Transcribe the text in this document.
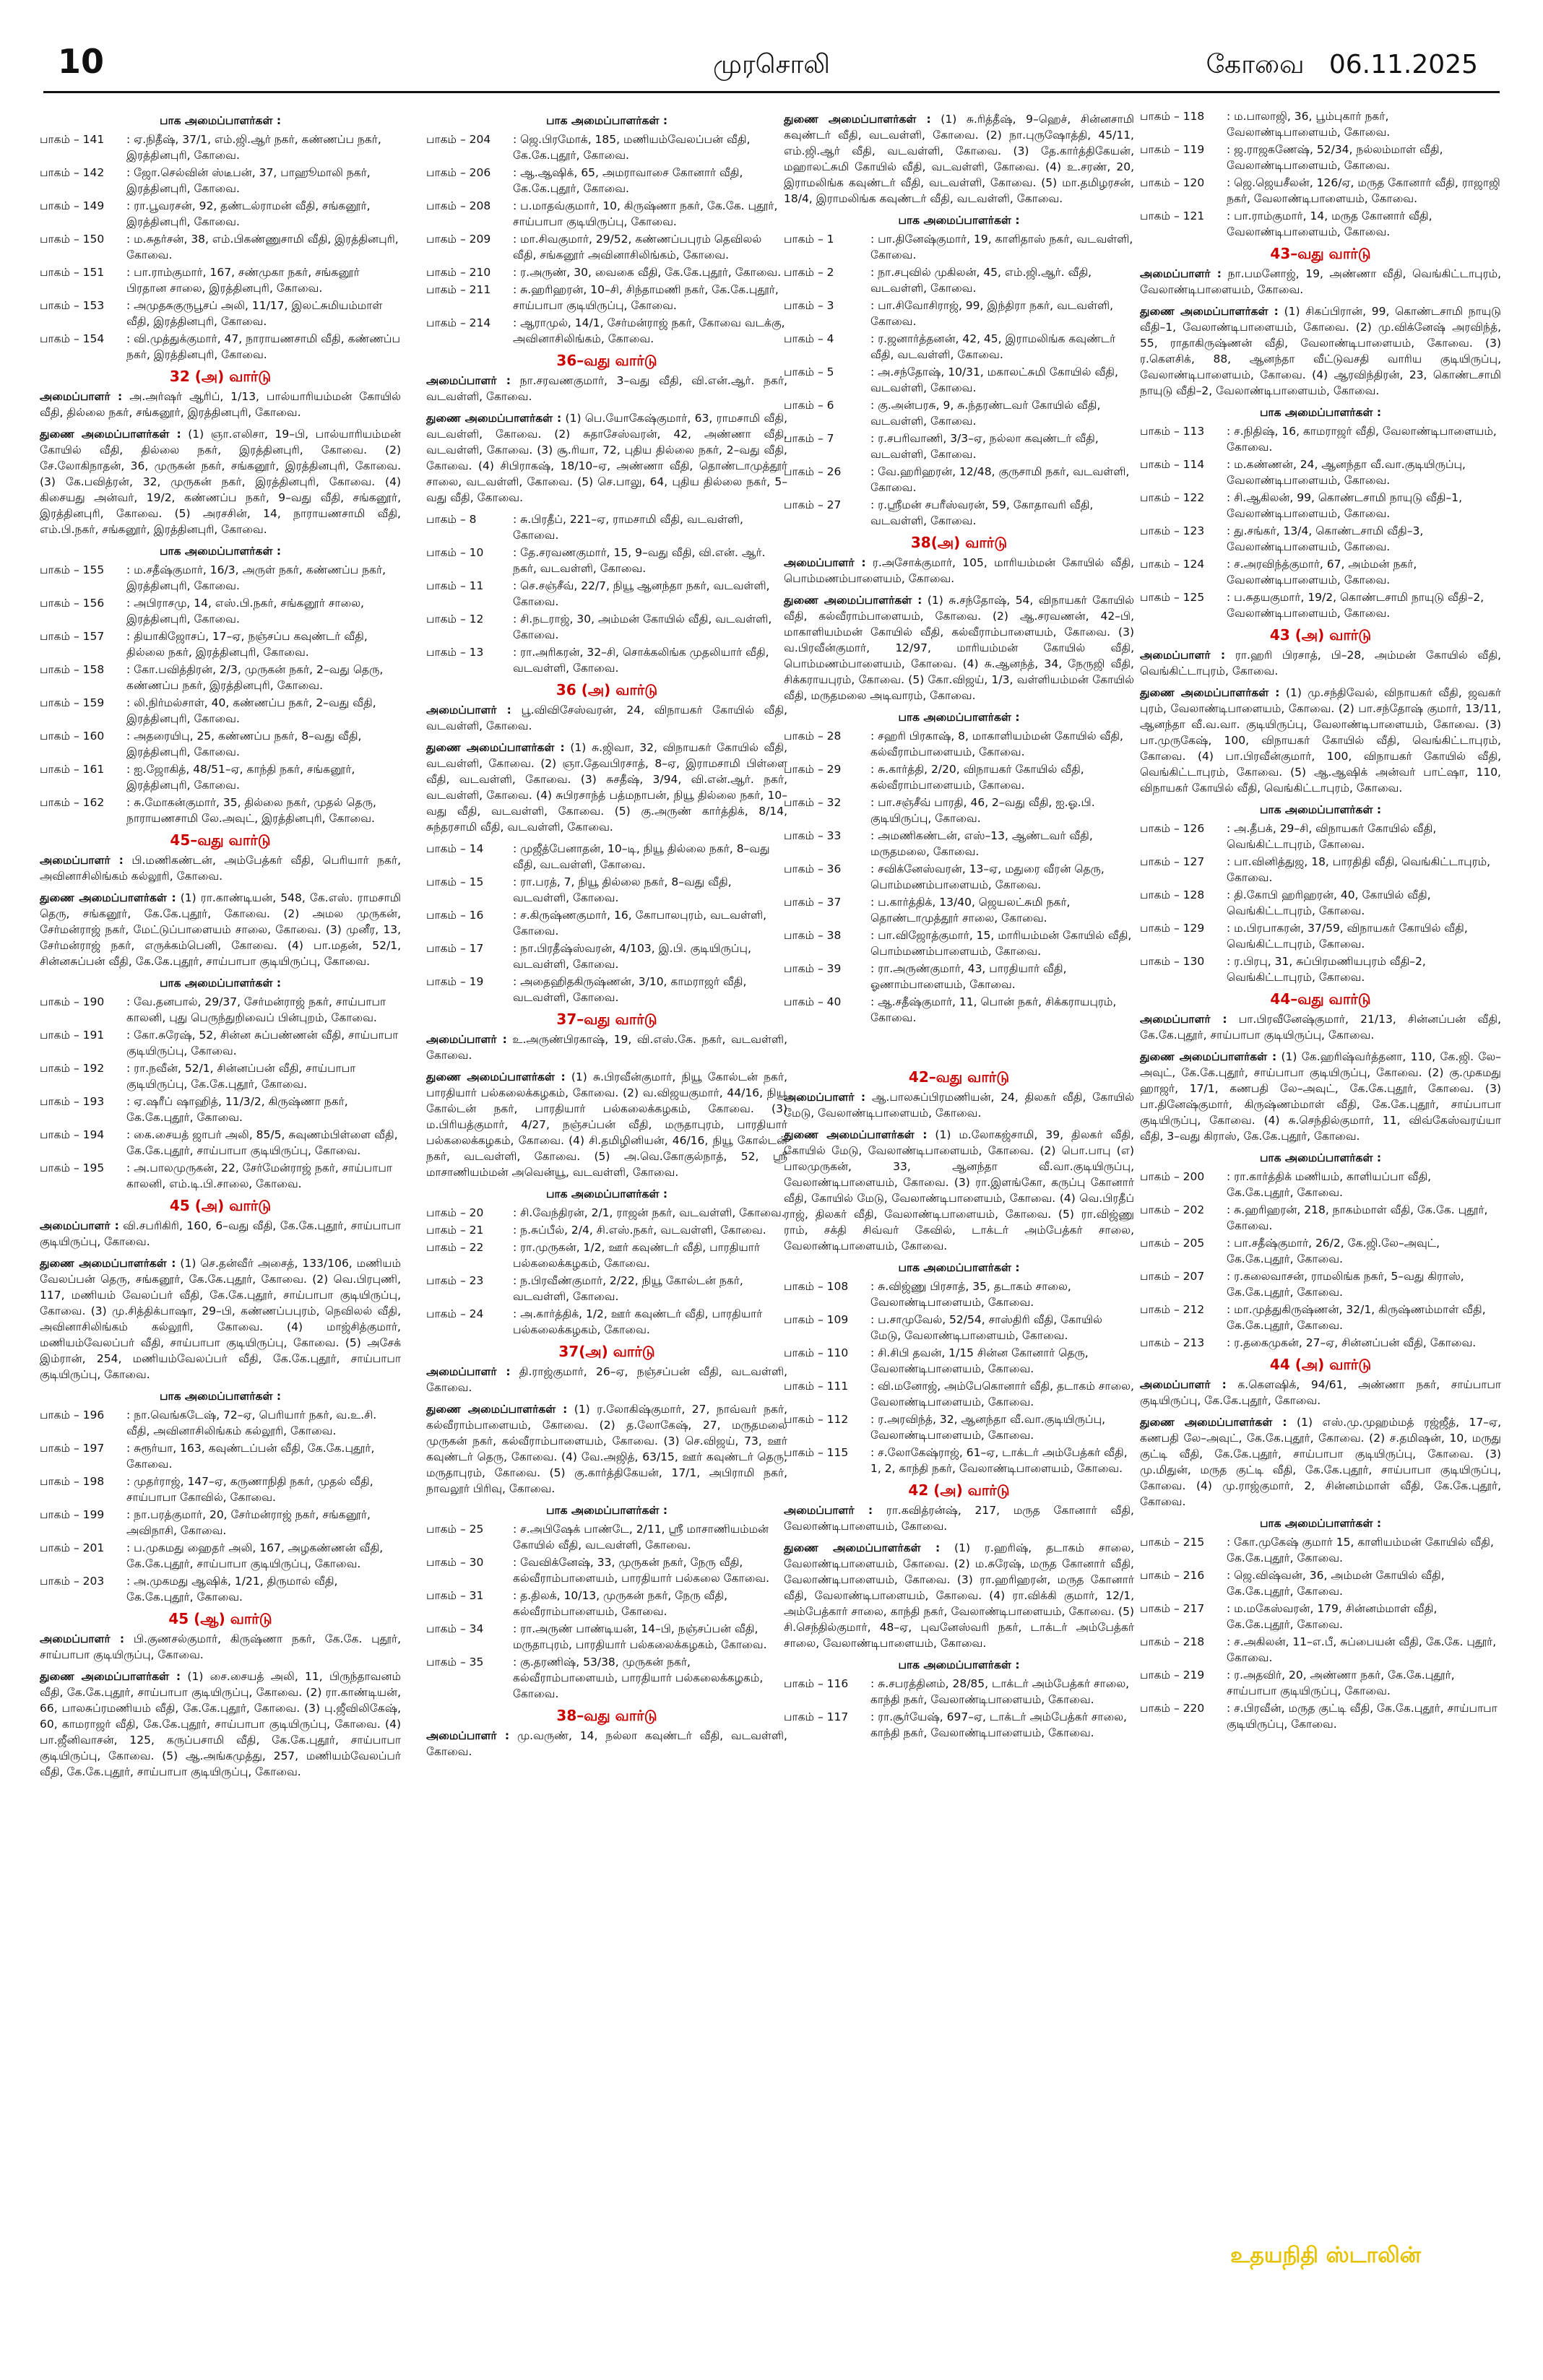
10	முரசொலி	கோவை 06.11.2025
பாக அமைப்பாளர்கள் :
பாகம் – 141	: ஏ.நிதீஷ், 37/1, எம்.ஜி.ஆர் நகர், கண்ணப்ப நகர், இரத்தினபுரி, கோவை.
பாகம் – 142	: ஜோ.செல்வின் ஸ்டீபன், 37, பாஹூமாலி நகர், இரத்தினபுரி, கோவை.
பாகம் – 149	: ரா.பூவரசன், 92, தண்டல்ராமன் வீதி, சங்கனூர், இரத்தினபுரி, கோவை.
பாகம் – 150	: ம.சுதர்சன், 38, எம்.பிகண்ணுசாமி வீதி, இரத்தினபுரி, கோவை.
பாகம் – 151	: பா.ராம்குமார், 167, சண்முகா நகர், சங்கனூர் பிரதான சாலை, இரத்தினபுரி, கோவை.
பாகம் – 153	: அமுதசுகுருபூசப் அலி, 11/17, இலட்சுமியம்மாள் வீதி, இரத்தினபுரி, கோவை.
பாகம் – 154	: வி.முத்துக்குமார், 47, நாராயணசாமி வீதி, கண்ணப்ப நகர், இரத்தினபுரி, கோவை.
32 (அ) வார்டு
அமைப்பாளர் : அ.அர்ஷர் ஆரிப், 1/13, பால்யாரியம்மன் கோயில் வீதி, தில்லை நகர், சங்கனூர், இரத்தினபுரி, கோவை.
துணை அமைப்பாளர்கள் : (1) ஞா.எலிசா, 19–பி, பால்யாரியம்மன் கோயில் வீதி, தில்லை நகர், இரத்தினபுரி, கோவை. (2) சே.லோகிநாதன், 36, முருகன் நகர், சங்கனூர், இரத்தினபுரி, கோவை. (3) கே.பவித்ரன், 32, முருகன் நகர், இரத்தினபுரி, கோவை. (4) கிசையது அன்வர், 19/2, கண்ணப்ப நகர், 9–வது வீதி, சங்கனூர், இரத்தினபுரி, கோவை. (5) அரசசின், 14, நாராயணசாமி வீதி, எம்.பி.நகர், சங்கனூர், இரத்தினபுரி, கோவை.
பாக அமைப்பாளர்கள் :
பாகம் – 155	: ம.சதீஷ்குமார், 16/3, அருள் நகர், கண்ணப்ப நகர், இரத்தினபுரி, கோவை.
பாகம் – 156	: அபிராசமு, 14, எஸ்.பி.நகர், சங்கனூர் சாலை, இரத்தினபுரி, கோவை.
பாகம் – 157	: தியாகிஜோசப், 17–ஏ, நஞ்சப்ப கவுண்டர் வீதி, தில்லை நகர், இரத்தினபுரி, கோவை.
பாகம் – 158	: கோ.பவித்திரன், 2/3, முருகன் நகர், 2–வது தெரு, கண்ணப்ப நகர், இரத்தினபுரி, கோவை.
பாகம் – 159	: லி.நிர்மல்சாள், 40, கண்ணப்ப நகர், 2–வது வீதி, இரத்தினபுரி, கோவை.
பாகம் – 160	: அதரையிபு, 25, கண்ணப்ப நகர், 8–வது வீதி, இரத்தினபுரி, கோவை.
பாகம் – 161	: ஐ.ஜோகித், 48/51–ஏ, காந்தி நகர், சங்கனூர், இரத்தினபுரி, கோவை.
பாகம் – 162	: சு.மோகன்குமார், 35, தில்லை நகர், முதல் தெரு, நாராயணசாமி லே.அவுட், இரத்தினபுரி, கோவை.
45–வது வார்டு
அமைப்பாளர் : பி.மணிகண்டன், அம்பேத்கர் வீதி, பெரியார் நகர், அவினாசிலிங்கம் கல்லூரி, கோவை.
துணை அமைப்பாளர்கள் : (1) ரா.காண்டியன், 548, கே.எஸ். ராமசாமி தெரு, சங்கனூர், கே.கே.புதூர், கோவை. (2) அமல முருகன், சேர்மன்ராஜ் நகர், மேட்டுப்பாளையம் சாலை, கோவை. (3) முனீர, 13, சேர்மன்ராஜ் நகர், எருக்கம்பெனி, கோவை. (4) பா.மதன், 52/1, சின்னசுப்பன் வீதி, கே.கே.புதூர், சாய்பாபா குடியிருப்பு, கோவை.
பாக அமைப்பாளர்கள் :
பாகம் – 190	: வே.தனபால், 29/37, சேர்மன்ராஜ் நகர், சாய்பாபா காலனி, புது பெருந்துறிவைப் பின்புறம், கோவை.
பாகம் – 191	: கோ.சுரேஷ், 52, சின்ன சுப்பண்ணன் வீதி, சாய்பாபா குடியிருப்பு, கோவை.
பாகம் – 192	: ரா.நவீன், 52/1, சின்னப்பன் வீதி, சாய்பாபா குடியிருப்பு, கே.கே.புதூர், கோவை.
பாகம் – 193	: ஏ.ஷரீப் ஷாஹித், 11/3/2, கிருஷ்ணா நகர், கே.கே.புதூர், கோவை.
பாகம் – 194	: கை.சையத் ஜாபர் அலி, 85/5, சுவுணம்பிள்ளை வீதி, கே.கே.புதூர், சாய்பாபா குடியிருப்பு, கோவை.
பாகம் – 195	: அ.பாலமுருகன், 22, சேர்மேன்ராஜ் நகர், சாய்பாபா காலனி, எம்.டி.பி.சாலை, கோவை.
45 (அ) வார்டு
அமைப்பாளர் : வி.சபரிகிரி, 160, 6–வது வீதி, கே.கே.புதூர், சாய்பாபா குடியிருப்பு, கோவை.
துணை அமைப்பாளர்கள் : (1) செ.தன்வீர் அசைத், 133/106, மணியம் வேலப்பன் தெரு, சங்கனூர், கே.கே.புதூர், கோவை. (2) வெ.பிரபுணி, 117, மணியம் வேலப்பர் வீதி, கே.கே.புதூர், சாய்பாபா குடியிருப்பு, கோவை. (3) மு.சித்திக்பாஷா, 29–பி, கண்ணப்பபுரம், நெவிலல் வீதி, அவினாசிலிங்கம் கல்லூரி, கோவை. (4) மாஜ்சித்குமார், மணியம்வேலப்பர் வீதி, சாய்பாபா குடியிருப்பு, கோவை. (5) அசேக் இம்ரான், 254, மணியம்வேலப்பர் வீதி, கே.கே.புதூர், சாய்பாபா குடியிருப்பு, கோவை.
பாக அமைப்பாளர்கள் :
பாகம் – 196	: நா.வெங்கடேஷ், 72–ஏ, பெரியார் நகர், வ.உ.சி. வீதி, அவினாசிலிங்கம் கல்லூரி, கோவை.
பாகம் – 197	: சுரூர்யா, 163, கவுண்டப்பன் வீதி, கே.கே.புதூர், கோவை.
பாகம் – 198	: முதர்ராஜ், 147–ஏ, கருணாநிதி நகர், முதல் வீதி, சாய்பாபா கோவில், கோவை.
பாகம் – 199	: நா.பரத்குமார், 20, சேர்மன்ராஜ் நகர், சங்கனூர், அவிநாசி, கோவை.
பாகம் – 201	: ப.முகமது ஹைதர் அலி, 167, அழகண்ணன் வீதி, கே.கே.புதூர், சாய்பாபா குடியிருப்பு, கோவை.
பாகம் – 203	: அ.முகமது ஆஷிக், 1/21, திருமால் வீதி, கே.கே.புதூர், கோவை.
45 (ஆ) வார்டு
அமைப்பாளர் : பி.குணசல்குமார், கிருஷ்ணா நகர், கே.கே. புதூர், சாய்பாபா குடியிருப்பு, கோவை.
துணை அமைப்பாளர்கள் : (1) சை.சையத் அலி, 11, பிருந்தாவனம் வீதி, கே.கே.புதூர், சாய்பாபா குடியிருப்பு, கோவை. (2) ரா.காண்டியன், 66, பாலசுப்ரமணியம் வீதி, கே.கே.புதூர், கோவை. (3) பு.ஜீவிலிகேஷ், 60, காமராஜர் வீதி, கே.கே.புதூர், சாய்பாபா குடியிருப்பு, கோவை. (4) பா.ஜீனிவாசன், 125, கருப்பசாமி வீதி, கே.கே.புதூர், சாய்பாபா குடியிருப்பு, கோவை. (5) ஆ.அங்கமுத்து, 257, மணியம்வேலப்பர் வீதி, கே.கே.புதூர், சாய்பாபா குடியிருப்பு, கோவை.
பாக அமைப்பாளர்கள் :
பாகம் – 204	: ஜெ.பிரமோக், 185, மணியம்வேலப்பன் வீதி, கே.கே.புதூர், கோவை.
பாகம் – 206	: ஆ.ஆஷிக், 65, அமராவாசை கோனார் வீதி, கே.கே.புதூர், கோவை.
பாகம் – 208	: ப.மாதவ்குமார், 10, கிருஷ்ணா நகர், கே.கே. புதூர், சாய்பாபா குடியிருப்பு, கோவை.
பாகம் – 209	: மா.சிவகுமார், 29/52, கண்ணப்பபுரம் தெவிலல் வீதி, சங்கனூர் அவினாசிலிங்கம், கோவை.
பாகம் – 210	: ர.அருண், 30, வைகை வீதி, கே.கே.புதூர், கோவை.
பாகம் – 211	: சு.ஹரிஹரன், 10–சி, சிந்தாமணி நகர், கே.கே.புதூர், சாய்பாபா குடியிருப்பு, கோவை.
பாகம் – 214	: ஆராமுல், 14/1, சேர்மன்ராஜ் நகர், கோவை வடக்கு, அவினாசிலிங்கம், கோவை.
36–வது வார்டு
அமைப்பாளர் : நா.சரவணகுமார், 3–வது வீதி, வி.என்.ஆர். நகர், வடவள்ளி, கோவை.
துணை அமைப்பாளர்கள் : (1) பெ.யோகேஷ்குமார், 63, ராமசாமி வீதி, வடவள்ளி, கோவை. (2) சுதாசேஸ்வரன், 42, அண்ணா வீதி, வடவள்ளி, கோவை. (3) சூ.ரியா, 72, புதிய தில்லை நகர், 2–வது வீதி, கோவை. (4) சிபிராகஷ், 18/10–ஏ, அண்ணா வீதி, தொண்டாமுத்தூர் சாலை, வடவள்ளி, கோவை. (5) செ.பாலு, 64, புதிய தில்லை நகர், 5–வது வீதி, கோவை.
பாகம் – 8	: சு.பிரதீப், 221–ஏ, ராமசாமி வீதி, வடவள்ளி, கோவை.
பாகம் – 10	: தே.சரவணகுமார், 15, 9–வது வீதி, வி.என். ஆர். நகர், வடவள்ளி, கோவை.
பாகம் – 11	: செ.சஞ்சீவ், 22/7, நியூ ஆனந்தா நகர், வடவள்ளி, கோவை.
பாகம் – 12	: சி.நடராஜ், 30, அம்மன் கோயில் வீதி, வடவள்ளி, கோவை.
பாகம் – 13	: ரா.அரிகரன், 32–சி, சொக்கலிங்க முதலியார் வீதி, வடவள்ளி, கோவை.
36 (அ) வார்டு
அமைப்பாளர் : பூ.விவிசேஸ்வரன், 24, விநாயகர் கோயில் வீதி, வடவள்ளி, கோவை.
துணை அமைப்பாளர்கள் : (1) சு.ஜிவா, 32, விநாயகர் கோயில் வீதி, வடவள்ளி, கோவை. (2) ஞா.தேவபிரசாத், 8–ஏ, இராமசாமி பிள்ளை வீதி, வடவள்ளி, கோவை. (3) சுசதீஷ், 3/94, வி.என்.ஆர். நகர், வடவள்ளி, கோவை. (4) சுபிரசாந்த் பத்மநாபன், நியூ தில்லை நகர், 10–வது வீதி, வடவள்ளி, கோவை. (5) கு.அருண் கார்த்திக், 8/14, சுந்தரசாமி வீதி, வடவள்ளி, கோவை.
பாகம் – 14	: முஜீத்பேனாதன், 10–டி, நியூ தில்லை நகர், 8–வது வீதி, வடவள்ளி, கோவை.
பாகம் – 15	: ரா.பரத், 7, நியூ தில்லை நகர், 8–வது வீதி, வடவள்ளி, கோவை.
பாகம் – 16	: ச.கிருஷ்ணகுமார், 16, கோபாலபுரம், வடவள்ளி, கோவை.
பாகம் – 17	: நா.பிரதீஷ்ஸ்வரன், 4/103, இ.பி. குடியிருப்பு, வடவள்ளி, கோவை.
பாகம் – 19	: அதைஹிதகிருஷ்ணன், 3/10, காமராஜர் வீதி, வடவள்ளி, கோவை.
37–வது வார்டு
அமைப்பாளர் : உ.அருண்பிரகாஷ், 19, வி.எஸ்.கே. நகர், வடவள்ளி, கோவை.
துணை அமைப்பாளர்கள் : (1) சு.பிரவீன்குமார், நியூ கோல்டன் நகர், பாரதியார் பல்கலைக்கழகம், கோவை. (2) வ.விஜயகுமார், 44/16, நியூ கோல்டன் நகர், பாரதியார் பல்கலைக்கழகம், கோவை. (3) ம.பிரியத்குமார், 4/27, நஞ்சப்பன் வீதி, மருதாபுரம், பாரதியார் பல்கலைக்கழகம், கோவை. (4) சி.தமிழினியன், 46/16, நியூ கோல்டன் நகர், வடவள்ளி, கோவை. (5) அ.வெ.கோகுல்நாத், 52, ஸ்ரீ மாசாணியம்மன் அவென்யூ, வடவள்ளி, கோவை.
பாக அமைப்பாளர்கள் :
பாகம் – 20	: சி.வேந்திரன், 2/1, ராஜன் நகர், வடவள்ளி, கோவை.
பாகம் – 21	: ந.சுப்பீல், 2/4, சி.எஸ்.நகர், வடவள்ளி, கோவை.
பாகம் – 22	: ரா.முருகன், 1/2, ஊர் கவுண்டர் வீதி, பாரதியார் பல்கலைக்கழகம், கோவை.
பாகம் – 23	: ந.பிரவீண்குமார், 2/22, நியூ கோல்டன் நகர், வடவள்ளி, கோவை.
பாகம் – 24	: அ.கார்த்திக், 1/2, ஊர் கவுண்டர் வீதி, பாரதியார் பல்கலைக்கழகம், கோவை.
37(அ) வார்டு
அமைப்பாளர் : தி.ராஜ்குமார், 26–ஏ, நஞ்சப்பன் வீதி, வடவள்ளி, கோவை.
துணை அமைப்பாளர்கள் : (1) ர.லோகிஷ்குமார், 27, நாவ்வர் நகர், கல்வீராம்பாளையம், கோவை. (2) த.லோகேஷ், 27, மருதமலை முருகன் நகர், கல்வீராம்பாளையம், கோவை. (3) செ.விஜய், 73, ஊர் கவுண்டர் தெரு, கோவை. (4) வே.அஜித், 63/15, ஊர் கவுண்டர் தெரு, மருதாபுரம், கோவை. (5) கு.கார்த்திகேயன், 17/1, அபிராமி நகர், நாவலூர் பிரிவு, கோவை.
பாக அமைப்பாளர்கள் :
பாகம் – 25	: ச.அபிஷேக் பாண்டே, 2/11, ஸ்ரீ மாசாணியம்மன் கோயில் வீதி, வடவள்ளி, கோவை.
பாகம் – 30	: வேவிக்னேஷ், 33, முருகன் நகர், நேரு வீதி, கல்வீராம்பாளையம், பாரதியார் பல்கலை கோவை.
பாகம் – 31	: த.திலக், 10/13, முருகன் நகர், நேரு வீதி, கல்வீராம்பாளையம், கோவை.
பாகம் – 34	: ரா.அருண் பாண்டியன், 14–பி, நஞ்சப்பன் வீதி, மருதாபுரம், பாரதியார் பல்கலைக்கழகம், கோவை.
பாகம் – 35	: கு.தரணிஷ், 53/38, முருகன் நகர், கல்வீராம்பாளையம், பாரதியார் பல்கலைக்கழகம், கோவை.
38–வது வார்டு
அமைப்பாளர் : மு.வருண், 14, நல்லா கவுண்டர் வீதி, வடவள்ளி, கோவை.
துணை அமைப்பாளர்கள் : (1) சு.ரித்தீஷ், 9–ஹெச், சின்னசாமி கவுண்டர் வீதி, வடவள்ளி, கோவை. (2) நா.புருஷோத்தி, 45/11, எம்.ஜி.ஆர் வீதி, வடவள்ளி, கோவை. (3) தே.கார்த்திகேயன், மஹாலட்சுமி கோயில் வீதி, வடவள்ளி, கோவை. (4) உ.சரண், 20, இராமலிங்க கவுண்டர் வீதி, வடவள்ளி, கோவை. (5) மா.தமிழரசன், 18/4, இராமலிங்க கவுண்டர் வீதி, வடவள்ளி, கோவை.
பாக அமைப்பாளர்கள் :
பாகம் – 1	: பா.தினேஷ்குமார், 19, காளிதாஸ் நகர், வடவள்ளி, கோவை.
பாகம் – 2	: நா.சபுவில் முகிலன், 45, எம்.ஜி.ஆர். வீதி, வடவள்ளி, கோவை.
பாகம் – 3	: பா.சிவோசிராஜ், 99, இந்திரா நகர், வடவள்ளி, கோவை.
பாகம் – 4	: ர.ஜனார்த்தனன், 42, 45, இராமலிங்க கவுண்டர் வீதி, வடவள்ளி, கோவை.
பாகம் – 5	: அ.சந்தோஷ், 10/31, மகாலட்சுமி கோயில் வீதி, வடவள்ளி, கோவை.
பாகம் – 6	: கு.அன்பரசு, 9, சு.ந்தரண்டவர் கோயில் வீதி, வடவள்ளி, கோவை.
பாகம் – 7	: ர.சபரிவாணி, 3/3–ஏ, நல்லா கவுண்டர் வீதி, வடவள்ளி, கோவை.
பாகம் – 26	: வே.ஹரிஹரன், 12/48, குருசாமி நகர், வடவள்ளி, கோவை.
பாகம் – 27	: ர.ஸ்ரீமன் சபரீஸ்வரன், 59, கோதாவரி வீதி, வடவள்ளி, கோவை.
38(அ) வார்டு
அமைப்பாளர் : ர.அசோக்குமார், 105, மாரியம்மன் கோயில் வீதி, பொம்மணம்பாளையம், கோவை.
துணை அமைப்பாளர்கள் : (1) சு.சந்தோஷ், 54, விநாயகர் கோயில் வீதி, கல்வீராம்பாளையம், கோவை. (2) ஆ.சரவணன், 42–பி, மாகாளியம்மன் கோயில் வீதி, கல்வீராம்பாளையம், கோவை. (3) வ.பிரவீன்குமார், 12/97, மாரியம்மன் கோயில் வீதி, பொம்மணம்பாளையம், கோவை. (4) சு.ஆனந்த், 34, நேருஜி வீதி, சிக்கராயபுரம், கோவை. (5) கோ.விஜய், 1/3, வள்ளியம்மன் கோயில் வீதி, மருதமலை அடிவாரம், கோவை.
பாக அமைப்பாளர்கள் :
பாகம் – 28	: சஹரி பிரகாஷ், 8, மாகாளியம்மன் கோயில் வீதி, கல்வீராம்பாளையம், கோவை.
பாகம் – 29	: சு.கார்த்தி, 2/20, விநாயகர் கோயில் வீதி, கல்வீராம்பாளையம், கோவை.
பாகம் – 32	: பா.சஞ்சீவ் பாரதி, 46, 2–வது வீதி, ஐ.ஓ.பி. குடியிருப்பு, கோவை.
பாகம் – 33	: அமணிகண்டன், எஸ்–13, ஆண்டவர் வீதி, மருதமலை, கோவை.
பாகம் – 36	: சவிக்னேஸ்வரன், 13–ஏ, மதுரை வீரன் தெரு, பொம்மணம்பாளையம், கோவை.
பாகம் – 37	: ப.கார்த்திக், 13/40, ஜெயலட்சுமி நகர், தொண்டாமுத்தூர் சாலை, கோவை.
பாகம் – 38	: பா.விஜோத்குமார், 15, மாரியம்மன் கோயில் வீதி, பொம்மணம்பாளையம், கோவை.
பாகம் – 39	: ரா.அருண்குமார், 43, பாரதியார் வீதி, ஓணாம்பாளையம், கோவை.
பாகம் – 40	: ஆ.சதீஷ்குமார், 11, பொன் நகர், சிக்கராயபுரம், கோவை.
42–வது வார்டு
அமைப்பாளர் : ஆ.பாலசுப்பிரமணியன், 24, திலகர் வீதி, கோயில் மேடு, வேலாண்டிபாளையம், கோவை.
துணை அமைப்பாளர்கள் : (1) ம.லோகஜ்சாமி, 39, திலகர் வீதி, கோயில் மேடு, வேலாண்டிபாளையம், கோவை. (2) பொ.பாபு (எ) பாலமுருகன், 33, ஆனந்தா வீ.வா.குடியிருப்பு, வேலாண்டிபாளையம், கோவை. (3) ரா.இளங்கோ, கருப்பு கோனார் வீதி, கோயில் மேடு, வேலாண்டிபாளையம், கோவை. (4) வெ.பிரதீப் ராஜ், திலகர் வீதி, வேலாண்டிபாளையம், கோவை. (5) ரா.விஜ்ணு ராம், சக்தி சிவ்வர் கேவில், டாக்டர் அம்பேத்கர் சாலை, வேலாண்டிபாளையம், கோவை.
பாக அமைப்பாளர்கள் :
பாகம் – 108	: சு.விஜ்ணு பிரசாத், 35, தடாகம் சாலை, வேலாண்டிபாளையம், கோவை.
பாகம் – 109	: ப.சாமுவேல், 52/54, சாஸ்திரி வீதி, கோயில் மேடு, வேலாண்டிபாளையம், கோவை.
பாகம் – 110	: சி.சிபி தவன், 1/15 சின்ன கோனார் தெரு, வேலாண்டிபாளையம், கோவை.
பாகம் – 111	: வி.மனோஜ், அம்பேகொனார் வீதி, தடாகம் சாலை, வேலாண்டிபாளையம், கோவை.
பாகம் – 112	: ர.அரவிந்த், 32, ஆனந்தா வீ.வா.குடியிருப்பு, வேலாண்டிபாளையம், கோவை.
பாகம் – 115	: ச.லோகேஷ்ராஜ், 61–ஏ, டாக்டர் அம்பேத்கர் வீதி, 1, 2, காந்தி நகர், வேலாண்டிபாளையம், கோவை.
42 (அ) வார்டு
அமைப்பாளர் : ரா.கவித்ரன்ஷ், 217, மருத கோனார் வீதி, வேலாண்டிபாளையம், கோவை.
துணை அமைப்பாளர்கள் : (1) ர.ஹரிஷ், தடாகம் சாலை, வேலாண்டிபாளையம், கோவை. (2) ம.சுரேஷ், மருத கோனார் வீதி, வேலாண்டிபாளையம், கோவை. (3) ரா.ஹரிஹரன், மருத கோனார் வீதி, வேலாண்டிபாளையம், கோவை. (4) ரா.விக்கி குமார், 12/1, அம்பேத்கார் சாலை, காந்தி நகர், வேலாண்டிபாளையம், கோவை. (5) சி.செந்தில்குமார், 48–ஏ, புவனேஸ்வரி நகர், டாக்டர் அம்பேத்கர் சாலை, வேலாண்டிபாளையம், கோவை.
பாக அமைப்பாளர்கள் :
பாகம் – 116	: சு.சபரத்தினம், 28/85, டாக்டர் அம்பேத்கர் சாலை, காந்தி நகர், வேலாண்டிபாளையம், கோவை.
பாகம் – 117	: ரா.சூர்யேஷ், 697–ஏ, டாக்டர் அம்பேத்கர் சாலை, காந்தி நகர், வேலாண்டிபாளையம், கோவை.
பாகம் – 118	: ம.பாலாஜி, 36, பூம்புகார் நகர், வேலாண்டிபாளையம், கோவை.
பாகம் – 119	: ஜ.ராஜகணேஷ், 52/34, நல்லம்மாள் வீதி, வேலாண்டிபாளையம், கோவை.
பாகம் – 120	: ஜெ.ஜெயசீலன், 126/ஏ, மருத கோனார் வீதி, ராஜாஜி நகர், வேலாண்டிபாளையம், கோவை.
பாகம் – 121	: பா.ராம்குமார், 14, மருத கோனார் வீதி, வேலாண்டிபாளையம், கோவை.
43–வது வார்டு
அமைப்பாளர் : நா.பமனோஜ், 19, அண்ணா வீதி, வெங்கிட்டாபுரம், வேலாண்டிபாளையம், கோவை.
துணை அமைப்பாளர்கள் : (1) சிகப்பிரான், 99, கொண்டசாமி நாயுடு வீதி–1, வேலாண்டிபாளையம், கோவை. (2) மு.விக்னேஷ் அரவிந்த், 55, ராதாகிருஷ்ணன் வீதி, வேலாண்டிபாளையம், கோவை. (3) ர.கௌசிக், 88, ஆனந்தா வீட்டுவசதி வாரிய குடியிருப்பு, வேலாண்டிபாளையம், கோவை. (4) ஆரவிந்திரன், 23, கொண்டசாமி நாயுடு வீதி–2, வேலாண்டிபாளையம், கோவை.
பாக அமைப்பாளர்கள் :
பாகம் – 113	: ச.நிதிஷ், 16, காமராஜர் வீதி, வேலாண்டிபாளையம், கோவை.
பாகம் – 114	: ம.கண்ணன், 24, ஆனந்தா வீ.வா.குடியிருப்பு, வேலாண்டிபாளையம், கோவை.
பாகம் – 122	: சி.ஆகிலன், 99, கொண்டசாமி நாயுடு வீதி–1, வேலாண்டிபாளையம், கோவை.
பாகம் – 123	: து.சங்கர், 13/4, கொண்டசாமி வீதி–3, வேலாண்டிபாளையம், கோவை.
பாகம் – 124	: ச.அரவிந்த்குமார், 67, அம்மன் நகர், வேலாண்டிபாளையம், கோவை.
பாகம் – 125	: ப.சுதயகுமார், 19/2, கொண்டசாமி நாயுடு வீதி–2, வேலாண்டிபாளையம், கோவை.
43 (அ) வார்டு
அமைப்பாளர் : ரா.ஹரி பிரசாத், பி–28, அம்மன் கோயில் வீதி, வெங்கிட்டாபுரம், கோவை.
துணை அமைப்பாளர்கள் : (1) மு.சந்திவேல், விநாயகர் வீதி, ஜவகர் புரம், வேலாண்டிபாளையம், கோவை. (2) பா.சந்தோஷ் குமார், 13/11, ஆனந்தா வீ.வ.வா. குடியிருப்பு, வேலாண்டிபாளையம், கோவை. (3) பா.முருகேஷ், 100, விநாயகர் கோயில் வீதி, வெங்கிட்டாபுரம், கோவை. (4) பா.பிரவீன்குமார், 100, விநாயகர் கோயில் வீதி, வெங்கிட்டாபுரம், கோவை. (5) ஆ.ஆஷிக் அன்வர் பாட்ஷா, 110, விநாயகர் கோயில் வீதி, வெங்கிட்டாபுரம், கோவை.
பாக அமைப்பாளர்கள் :
பாகம் – 126	: அ.தீபக், 29–சி, விநாயகர் கோயில் வீதி, வெங்கிட்டாபுரம், கோவை.
பாகம் – 127	: பா.வினித்துஜ, 18, பாரதிதி வீதி, வெங்கிட்டாபுரம், கோவை.
பாகம் – 128	: தி.கோபி ஹரிஹரன், 40, கோயில் வீதி, வெங்கிட்டாபுரம், கோவை.
பாகம் – 129	: ம.பிரபாகரன், 37/59, விநாயகர் கோயில் வீதி, வெங்கிட்டாபுரம், கோவை.
பாகம் – 130	: ர.பிரபு, 31, சுப்பிரமணியபுரம் வீதி–2, வெங்கிட்டாபுரம், கோவை.
44–வது வார்டு
அமைப்பாளர் : பா.பிரவீனேஷ்குமார், 21/13, சின்னப்பன் வீதி, கே.கே.புதூர், சாய்பாபா குடியிருப்பு, கோவை.
துணை அமைப்பாளர்கள் : (1) கே.ஹரிஷ்வர்த்தனா, 110, கே.ஜி. லே–அவுட், கே.கே.புதூர், சாய்பாபா குடியிருப்பு, கோவை. (2) கு.முகமது ஹாஜர், 17/1, கணபதி லே–அவுட், கே.கே.புதூர், கோவை. (3) பா.தினேஷ்குமார், கிருஷ்ணம்மாள் வீதி, கே.கே.புதூர், சாய்பாபா குடியிருப்பு, கோவை. (4) சு.செந்தில்குமார், 11, விவ்கேஸ்வரய்யா வீதி, 3–வது கிராஸ், கே.கே.புதூர், கோவை.
பாக அமைப்பாளர்கள் :
பாகம் – 200	: ரா.கார்த்திக் மணியம், காளியப்பா வீதி, கே.கே.புதூர், கோவை.
பாகம் – 202	: சு.ஹரிஹரன், 218, நாகம்மாள் வீதி, கே.கே. புதூர், கோவை.
பாகம் – 205	: பா.சதீஷ்குமார், 26/2, கே.ஜி.லே–அவுட், கே.கே.புதூர், கோவை.
பாகம் – 207	: ர.கலைவாசன், ராமலிங்க நகர், 5–வது கிராஸ், கே.கே.புதூர், கோவை.
பாகம் – 212	: மா.முத்துகிருஷ்ணன், 32/1, கிருஷ்ணம்மாள் வீதி, கே.கே.புதூர், கோவை.
பாகம் – 213	: ர.தகைமுகன், 27–ஏ, சின்னப்பன் வீதி, கோவை.
44 (அ) வார்டு
அமைப்பாளர் : க.கௌஷிக், 94/61, அண்ணா நகர், சாய்பாபா குடியிருப்பு, கே.கே.புதூர், கோவை.
துணை அமைப்பாளர்கள் : (1) எஸ்.மு.முஹம்மத் ரஜ்ஜீத், 17–ஏ, கணபதி லே–அவுட், கே.கே.புதூர், கோவை. (2) ச.தமிஷன், 10, மருது குட்டி வீதி, கே.கே.புதூர், சாய்பாபா குடியிருப்பு, கோவை. (3) மு.மிதுன், மருத குட்டி வீதி, கே.கே.புதூர், சாய்பாபா குடியிருப்பு, கோவை. (4) மு.ராஜ்குமார், 2, சின்னம்மாள் வீதி, கே.கே.புதூர், கோவை.
பாக அமைப்பாளர்கள் :
பாகம் – 215	: கோ.முகேஷ் குமார் 15, காளியம்மன் கோயில் வீதி, கே.கே.புதூர், கோவை.
பாகம் – 216	: ஜெ.விஷ்வன், 36, அம்மன் கோயில் வீதி, கே.கே.புதூர், கோவை.
பாகம் – 217	: ம.மகேஸ்வரன், 179, சின்னம்மாள் வீதி, கே.கே.புதூர், கோவை.
பாகம் – 218	: ச.அகிலன், 11–எ.பீ, சுப்பையன் வீதி, கே.கே. புதூர், கோவை.
பாகம் – 219	: ர.அதவிர், 20, அண்ணா நகர், கே.கே.புதூர், சாய்பாபா குடியிருப்பு, கோவை.
பாகம் – 220	: ச.பிரவீன், மருத குட்டி வீதி, கே.கே.புதூர், சாய்பாபா குடியிருப்பு, கோவை.
உதயநிதி ஸ்டாலின்
